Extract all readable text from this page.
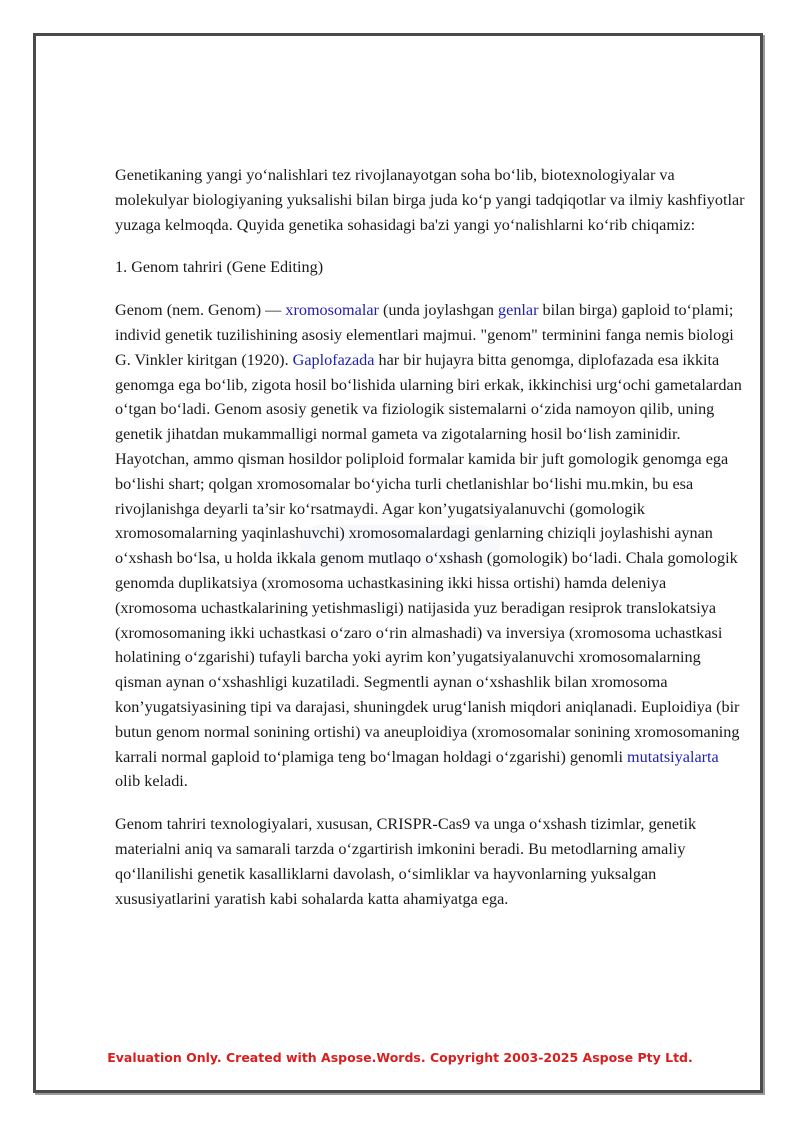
Genetikaning yangi yo‘nalishlari tez rivojlanayotgan soha bo‘lib, biotexnologiyalar va molekulyar biologiyaning yuksalishi bilan birga juda ko‘p yangi tadqiqotlar va ilmiy kashfiyotlar yuzaga kelmoqda. Quyida genetika sohasidagi ba'zi yangi yo‘nalishlarni ko‘rib chiqamiz:

1. Genom tahriri (Gene Editing)

Genom (nem. Genom) — xromosomalar (unda joylashgan genlar bilan birga) gaploid to‘plami; individ genetik tuzilishining asosiy elementlari majmui. "genom" terminini fanga nemis biologi G. Vinkler kiritgan (1920). Gaplofazada har bir hujayra bitta genomga, diplofazada esa ikkita genomga ega bo‘lib, zigota hosil bo‘lishida ularning biri erkak, ikkinchisi urg‘ochi gametalardan o‘tgan bo‘ladi. Genom asosiy genetik va fiziologik sistemalarni o‘zida namoyon qilib, uning genetik jihatdan mukammalligi normal gameta va zigotalarning hosil bo‘lish zaminidir. Hayotchan, ammo qisman hosildor poliploid formalar kamida bir juft gomologik genomga ega bo‘lishi shart; qolgan xromosomalar bo‘yicha turli chetlanishlar bo‘lishi mu.mkin, bu esa rivojlanishga deyarli ta’sir ko‘rsatmaydi. Agar kon’yugatsiyalanuvchi (gomologik xromosomalarning yaqinlashuvchi) xromosomalardagi genlarning chiziqli joylashishi aynan o‘xshash bo‘lsa, u holda ikkala genom mutlaqo o‘xshash (gomologik) bo‘ladi. Chala gomologik genomda duplikatsiya (xromosoma uchastkasining ikki hissa ortishi) hamda deleniya (xromosoma uchastkalarining yetishmasligi) natijasida yuz beradigan resiprok translokatsiya (xromosomaning ikki uchastkasi o‘zaro o‘rin almashadi) va inversiya (xromosoma uchastkasi holatining o‘zgarishi) tufayli barcha yoki ayrim kon’yugatsiyalanuvchi xromosomalarning qisman aynan o‘xshashligi kuzatiladi. Segmentli aynan o‘xshashlik bilan xromosoma kon’yugatsiyasining tipi va darajasi, shuningdek urug‘lanish miqdori aniqlanadi. Euploidiya (bir butun genom normal sonining ortishi) va aneuploidiya (xromosomalar sonining xromosomaning karrali normal gaploid to‘plamiga teng bo‘lmagan holdagi o‘zgarishi) genomli mutatsiyalarta olib keladi.

Genom tahriri texnologiyalari, xususan, CRISPR-Cas9 va unga o‘xshash tizimlar, genetik materialni aniq va samarali tarzda o‘zgartirish imkonini beradi. Bu metodlarning amaliy qo‘llanilishi genetik kasalliklarni davolash, o‘simliklar va hayvonlarning yuksalgan xususiyatlarini yaratish kabi sohalarda katta ahamiyatga ega.

Evaluation Only. Created with Aspose.Words. Copyright 2003-2025 Aspose Pty Ltd.
